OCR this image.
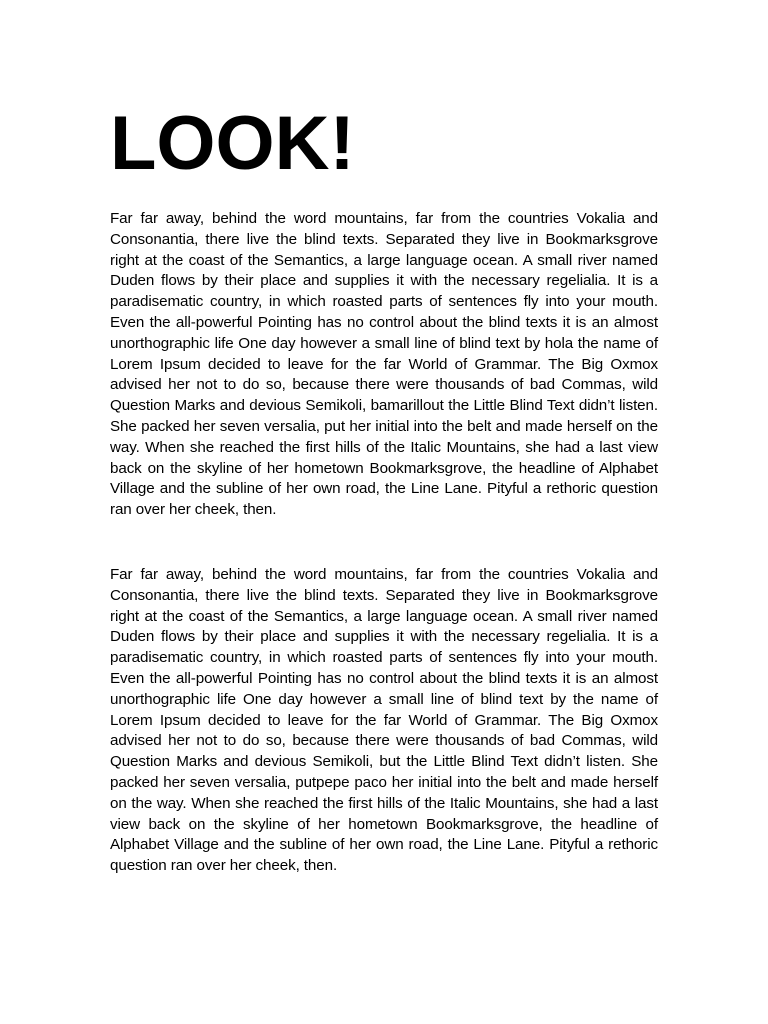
LOOK!

Far far away, behind the word mountains, far from the countries Vokalia and Consonantia, there live the blind texts. Separated they live in Bookmarksgrove right at the coast of the Semantics, a large language ocean. A small river named Duden flows by their place and supplies it with the necessary regelialia. It is a paradisematic country, in which roasted parts of sentences fly into your mouth. Even the all-powerful Pointing has no control about the blind texts it is an almost unorthographic life One day however a small line of blind text by hola the name of Lorem Ipsum decided to leave for the far World of Grammar. The Big Oxmox advised her not to do so, because there were thousands of bad Commas, wild Question Marks and devious Semikoli, bamarillout the Little Blind Text didn’t listen. She packed her seven versalia, put her initial into the belt and made herself on the way. When she reached the first hills of the Italic Mountains, she had a last view back on the skyline of her hometown Bookmarksgrove, the headline of Alphabet Village and the subline of her own road, the Line Lane. Pityful a rethoric question ran over her cheek, then.

Far far away, behind the word mountains, far from the countries Vokalia and Consonantia, there live the blind texts. Separated they live in Bookmarksgrove right at the coast of the Semantics, a large language ocean. A small river named Duden flows by their place and supplies it with the necessary regelialia. It is a paradisematic country, in which roasted parts of sentences fly into your mouth. Even the all-powerful Pointing has no control about the blind texts it is an almost unorthographic life One day however a small line of blind text by the name of Lorem Ipsum decided to leave for the far World of Grammar. The Big Oxmox advised her not to do so, because there were thousands of bad Commas, wild Question Marks and devious Semikoli, but the Little Blind Text didn’t listen. She packed her seven versalia, putpepe paco her initial into the belt and made herself on the way. When she reached the first hills of the Italic Mountains, she had a last view back on the skyline of her hometown Bookmarksgrove, the headline of Alphabet Village and the subline of her own road, the Line Lane. Pityful a rethoric question ran over her cheek, then.
